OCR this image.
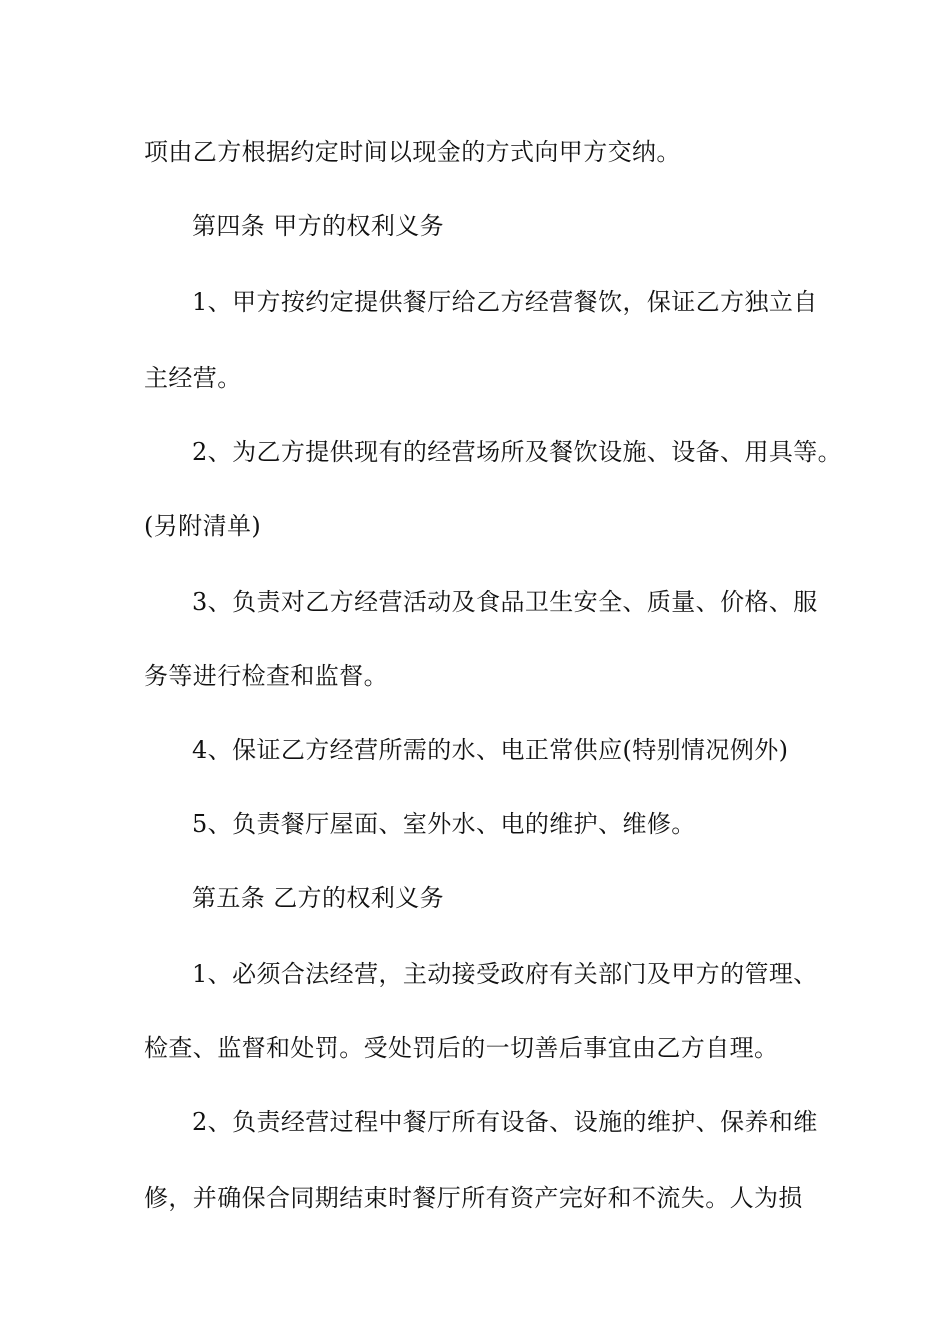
项由乙方根据约定时间以现金的方式向甲方交纳。
第四条 甲方的权利义务
1、甲方按约定提供餐厅给乙方经营餐饮，保证乙方独立自
主经营。
2、为乙方提供现有的经营场所及餐饮设施、设备、用具等。
(另附清单)
3、负责对乙方经营活动及食品卫生安全、质量、价格、服
务等进行检查和监督。
4、保证乙方经营所需的水、电正常供应(特别情况例外)
5、负责餐厅屋面、室外水、电的维护、维修。
第五条 乙方的权利义务
1、必须合法经营，主动接受政府有关部门及甲方的管理、
检查、监督和处罚。受处罚后的一切善后事宜由乙方自理。
2、负责经营过程中餐厅所有设备、设施的维护、保养和维
修，并确保合同期结束时餐厅所有资产完好和不流失。人为损
